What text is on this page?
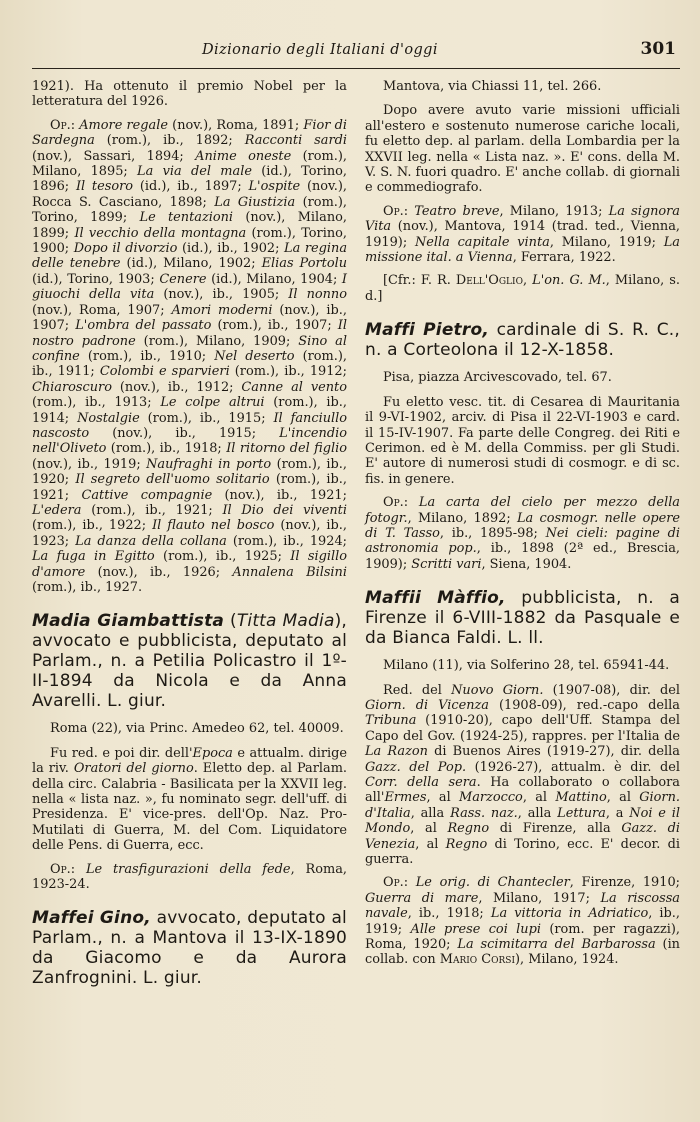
Dizionario degli Italiani d'oggi	301

1921). Ha ottenuto il premio Nobel per la letteratura del 1926.

Op.: Amore regale (nov.), Roma, 1891; Fior di Sardegna (rom.), ib., 1892; Racconti sardi (nov.), Sassari, 1894; Anime oneste (rom.), Milano, 1895; La via del male (id.), Torino, 1896; Il tesoro (id.), ib., 1897; L'ospite (nov.), Rocca S. Casciano, 1898; La Giustizia (rom.), Torino, 1899; Le tentazioni (nov.), Milano, 1899; Il vecchio della montagna (rom.), Torino, 1900; Dopo il divorzio (id.), ib., 1902; La regina delle tenebre (id.), Milano, 1902; Elias Portolu (id.), Torino, 1903; Cenere (id.), Milano, 1904; I giuochi della vita (nov.), ib., 1905; Il nonno (nov.), Roma, 1907; Amori moderni (nov.), ib., 1907; L'ombra del passato (rom.), ib., 1907; Il nostro padrone (rom.), Milano, 1909; Sino al confine (rom.), ib., 1910; Nel deserto (rom.), ib., 1911; Colombi e sparvieri (rom.), ib., 1912; Chiaroscuro (nov.), ib., 1912; Canne al vento (rom.), ib., 1913; Le colpe altrui (rom.), ib., 1914; Nostalgie (rom.), ib., 1915; Il fanciullo nascosto (nov.), ib., 1915; L'incendio nell'Oliveto (rom.), ib., 1918; Il ritorno del figlio (nov.), ib., 1919; Naufraghi in porto (rom.), ib., 1920; Il segreto dell'uomo solitario (rom.), ib., 1921; Cattive compagnie (nov.), ib., 1921; L'edera (rom.), ib., 1921; Il Dio dei viventi (rom.), ib., 1922; Il flauto nel bosco (nov.), ib., 1923; La danza della collana (rom.), ib., 1924; La fuga in Egitto (rom.), ib., 1925; Il sigillo d'amore (nov.), ib., 1926; Annalena Bilsini (rom.), ib., 1927.

Madia Giambattista (Titta Madia), avvocato e pubblicista, deputato al Parlam., n. a Petilia Policastro il 1º-II-1894 da Nicola e da Anna Avarelli. L. giur.

Roma (22), via Princ. Amedeo 62, tel. 40009.

Fu red. e poi dir. dell'Epoca e attualm. dirige la riv. Oratori del giorno. Eletto dep. al Parlam. della circ. Calabria - Basilicata per la XXVII leg. nella « lista naz. », fu nominato segr. dell'uff. di Presidenza. E' vice-pres. dell'Op. Naz. Pro-Mutilati di Guerra, M. del Com. Liquidatore delle Pens. di Guerra, ecc.

Op.: Le trasfigurazioni della fede, Roma, 1923-24.

Maffei Gino, avvocato, deputato al Parlam., n. a Mantova il 13-IX-1890 da Giacomo e da Aurora Zanfrognini. L. giur.

Mantova, via Chiassi 11, tel. 266.

Dopo avere avuto varie missioni ufficiali all'estero e sostenuto numerose cariche locali, fu eletto dep. al parlam. della Lombardia per la XXVII leg. nella « Lista naz. ». E' cons. della M. V. S. N. fuori quadro. E' anche collab. di giornali e commediografo.

Op.: Teatro breve, Milano, 1913; La signora Vita (nov.), Mantova, 1914 (trad. ted., Vienna, 1919); Nella capitale vinta, Milano, 1919; La missione ital. a Vienna, Ferrara, 1922.

[Cfr.: F. R. Dell'Oglio, L'on. G. M., Milano, s. d.]

Maffi Pietro, cardinale di S. R. C., n. a Corteolona il 12-X-1858.

Pisa, piazza Arcivescovado, tel. 67.

Fu eletto vesc. tit. di Cesarea di Mauritania il 9-VI-1902, arciv. di Pisa il 22-VI-1903 e card. il 15-IV-1907. Fa parte delle Congreg. dei Riti e Cerimon. ed è M. della Commiss. per gli Studi. E' autore di numerosi studi di cosmogr. e di sc. fis. in genere.

Op.: La carta del cielo per mezzo della fotogr., Milano, 1892; La cosmogr. nelle opere di T. Tasso, ib., 1895-98; Nei cieli: pagine di astronomia pop., ib., 1898 (2ª ed., Brescia, 1909); Scritti vari, Siena, 1904.

Maffii Màffio, pubblicista, n. a Firenze il 6-VIII-1882 da Pasquale e da Bianca Faldi. L. ll.

Milano (11), via Solferino 28, tel. 65941-44.

Red. del Nuovo Giorn. (1907-08), dir. del Giorn. di Vicenza (1908-09), red.-capo della Tribuna (1910-20), capo dell'Uff. Stampa del Capo del Gov. (1924-25), rappres. per l'Italia de La Razon di Buenos Aires (1919-27), dir. della Gazz. del Pop. (1926-27), attualm. è dir. del Corr. della sera. Ha collaborato o collabora all'Ermes, al Marzocco, al Mattino, al Giorn. d'Italia, alla Rass. naz., alla Lettura, a Noi e il Mondo, al Regno di Firenze, alla Gazz. di Venezia, al Regno di Torino, ecc. E' decor. di guerra.

Op.: Le orig. di Chantecler, Firenze, 1910; Guerra di mare, Milano, 1917; La riscossa navale, ib., 1918; La vittoria in Adriatico, ib., 1919; Alle prese coi lupi (rom. per ragazzi), Roma, 1920; La scimitarra del Barbarossa (in collab. con Mario Corsi), Milano, 1924.
